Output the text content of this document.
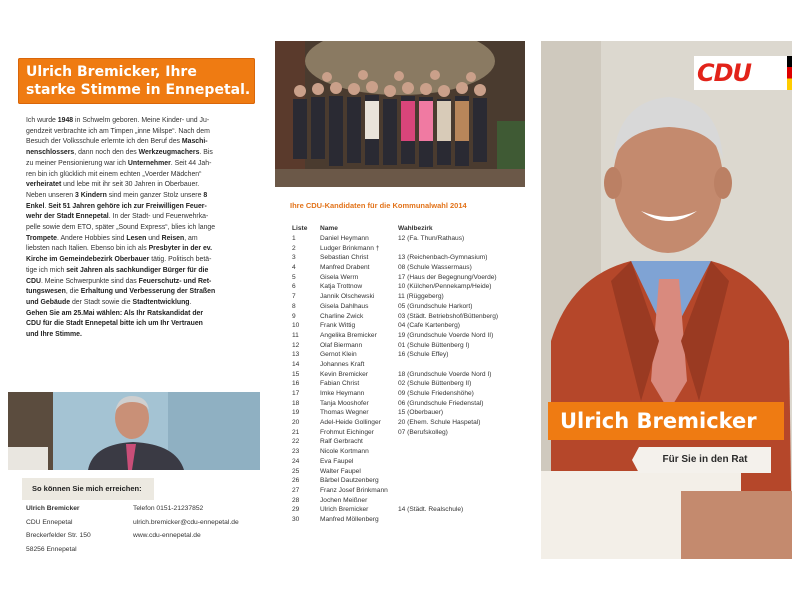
Ulrich Bremicker, Ihre
starke Stimme in Ennepetal.
Ich wurde 1948 in Schwelm geboren. Meine Kinder- und Ju-
gendzeit verbrachte ich am Timpen „inne Milspe“. Nach dem
Besuch der Volksschule erlernte ich den Beruf des Maschi-
nenschlossers, dann noch den des Werkzeugmachers. Bis
zu meiner Pensionierung war ich Unternehmer. Seit 44 Jah-
ren bin ich glücklich mit einem echten „Voerder Mädchen“
verheiratet und lebe mit ihr seit 30 Jahren in Oberbauer.
Neben unseren 3 Kindern sind mein ganzer Stolz unsere 8
Enkel. Seit 51 Jahren gehöre ich zur Freiwilligen Feuer-
wehr der Stadt Ennepetal. In der Stadt- und Feuerwehrka-
pelle sowie dem ETO, später „Sound Express“, blies ich lange
Trompete. Andere Hobbies sind Lesen und Reisen, am
liebsten nach Italien. Ebenso bin ich als Presbyter in der ev.
Kirche im Gemeindebezirk Oberbauer tätig. Politisch betä-
tige ich mich seit Jahren als sachkundiger Bürger für die
CDU. Meine Schwerpunkte sind das Feuerschutz- und Ret-
tungswesen, die Erhaltung und Verbesserung der Straßen
und Gebäude der Stadt sowie die Stadtentwicklung.
Gehen Sie am 25.Mai wählen: Als Ihr Ratskandidat der
CDU für die Stadt Ennepetal bitte ich um Ihr Vertrauen
und Ihre Stimme.
So können Sie mich erreichen:
Ulrich Bremicker
CDU Ennepetal
Breckerfelder Str. 150
58256 Ennepetal
Telefon 0151-21237852
ulrich.bremicker@cdu-ennepetal.de
www.cdu-ennepetal.de
Ihre CDU-Kandidaten für die Kommunalwahl 2014
Liste	Name	Wahlbezirk
1	Daniel Heymann	12 (Fa. Thun/Rathaus)
2	Ludger Brinkmann †
3	Sebastian Christ	13 (Reichenbach-Gymnasium)
4	Manfred Drabent	08 (Schule Wassermaus)
5	Gisela Werrn	17 (Haus der Begegnung/Voerde)
6	Katja Trottnow	10 (Külchen/Pennekamp/Heide)
7	Jannik Olschewski	11 (Rüggeberg)
8	Gisela Dahlhaus	05 (Grundschule Harkort)
9	Charline Zwick	03 (Städt. Betriebshof/Büttenberg)
10	Frank Wittig	04 (Cafe Kartenberg)
11	Angelika Bremicker	19 (Grundschule Voerde Nord II)
12	Olaf Biermann	01 (Schule Büttenberg I)
13	Gernot Klein	16 (Schule Effey)
14	Johannes Kraft
15	Kevin Bremicker	18 (Grundschule Voerde Nord I)
16	Fabian Christ	02 (Schule Büttenberg II)
17	Imke Heymann	09 (Schule Friedenshöhe)
18	Tanja Mooshofer	06 (Grundschule Friedenstal)
19	Thomas Wegner	15 (Oberbauer)
20	Adel-Heide Gollinger	20 (Ehem. Schule Haspetal)
21	Frohmut Eichinger	07 (Berufskolleg)
22	Ralf Gerbracht
23	Nicole Kortmann
24	Eva Faupel
25	Walter Faupel
26	Bärbel Dautzenberg
27	Franz Josef Brinkmann
28	Jochen Meißner
29	Ulrich Bremicker	14 (Städt. Realschule)
30	Manfred Möllenberg
CDU
Ulrich Bremicker
Für Sie in den Rat
